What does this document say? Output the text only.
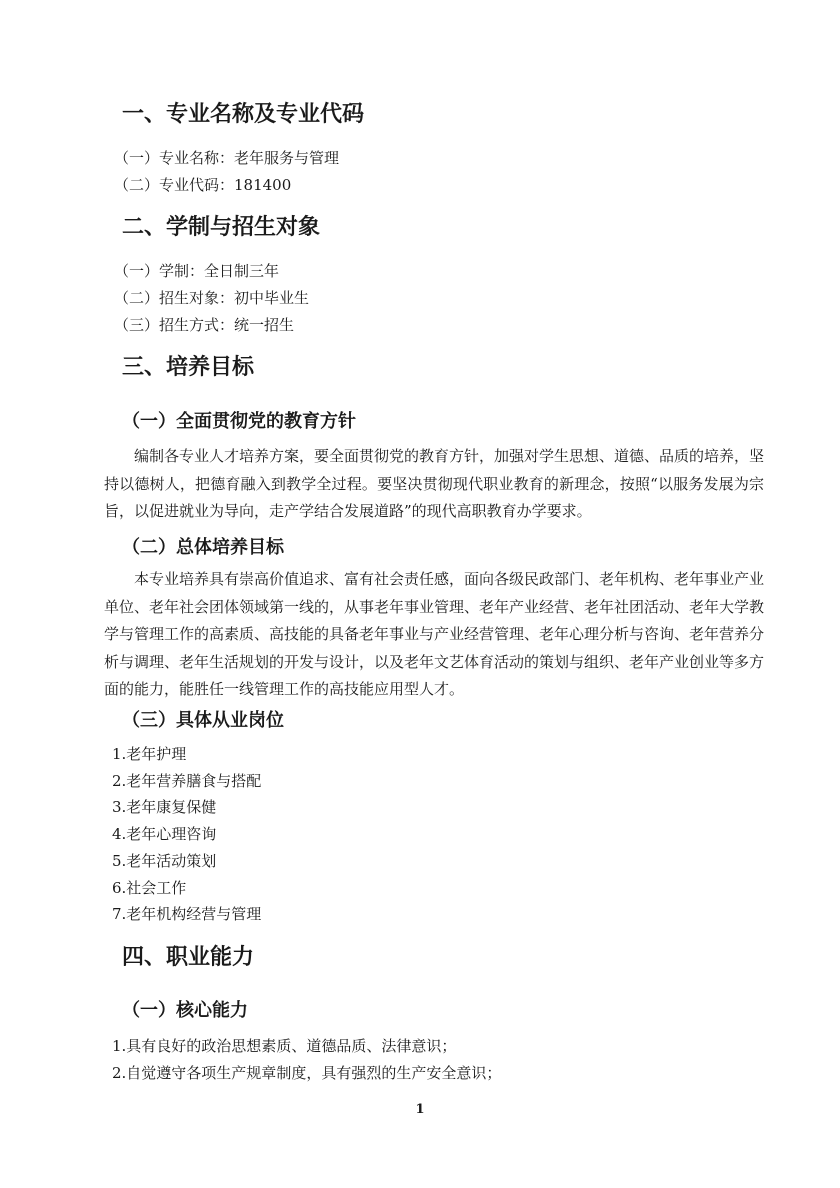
一、专业名称及专业代码

（一）专业名称：老年服务与管理

（二）专业代码：181400

二、学制与招生对象

（一）学制：全日制三年

（二）招生对象：初中毕业生

（三）招生方式：统一招生

三、培养目标
（一）全面贯彻党的教育方针

编制各专业人才培养方案，要全面贯彻党的教育方针，加强对学生思想、道德、品质的培养，坚持以德树人，把德育融入到教学全过程。要坚决贯彻现代职业教育的新理念，按照“以服务发展为宗旨，以促进就业为导向，走产学结合发展道路”的现代高职教育办学要求。

（二）总体培养目标

本专业培养具有崇高价值追求、富有社会责任感，面向各级民政部门、老年机构、老年事业产业单位、老年社会团体领域第一线的，从事老年事业管理、老年产业经营、老年社团活动、老年大学教学与管理工作的高素质、高技能的具备老年事业与产业经营管理、老年心理分析与咨询、老年营养分析与调理、老年生活规划的开发与设计，以及老年文艺体育活动的策划与组织、老年产业创业等多方面的能力，能胜任一线管理工作的高技能应用型人才。

（三）具体从业岗位
1.老年护理
2.老年营养膳食与搭配
3.老年康复保健
4.老年心理咨询
5.老年活动策划
6.社会工作
7.老年机构经营与管理
四、职业能力
（一）核心能力
1.具有良好的政治思想素质、道德品质、法律意识；
2.自觉遵守各项生产规章制度，具有强烈的生产安全意识；
1
